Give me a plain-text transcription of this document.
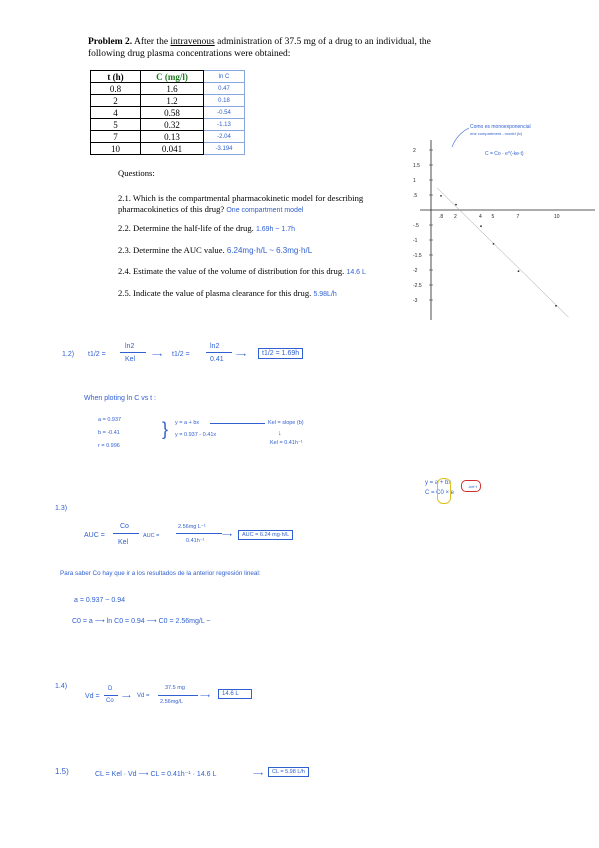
Problem 2. After the intravenous administration of 37.5 mg of a drug to an individual, the following drug plasma concentrations were obtained:
t (h)	C (mg/l)	ln C
0.8	1.6	0.47
2	1.2	0.18
4	0.58	-0.54
5	0.32	-1.13
7	0.13	-2.04
10	0.041	-3.194
Questions:
2.1. Which is the compartmental pharmacokinetic model for describing pharmacokinetics of this drug? One compartment model
2.2. Determine the half-life of the drug. 1.69h ~ 1.7h
2.3. Determine the AUC value. 6.24mg·h/L ~ 6.3mg·h/L
2.4. Estimate the value of the volume of distribution for this drug. 14.6 L
2.5. Indicate the value of plasma clearance for this drug. 5.98L/h
2
1.5
1
.5
-.5
-1
-1.5
-2
-2.5
-3
.8 2	4 5	7	10
Como es monoexponencial
one compartment - model (iv)
C = Co · e^(-ke·t)
1.2) t1/2 =
ln2
Kel
⟶ t1/2 =
ln2
0.41
⟶	t1/2 = 1.69h
When ploting ln C vs t :
a = 0.937
b = -0.41
r = 0.996
} y = a + bx
y = 0.937 - 0.41x
Kel = slope (b)
↓
Kel = 0.41h⁻¹
y = a + bx
C = C0 × e
-kel·t
1.3)
AUC =
Co
Kel
AUC =
2.56mg L⁻¹
0.41h⁻¹
⟶	AUC = 6.24 mg·h/L
Para saber Co hay que ir a los resultados de la anterior regresión lineal:
a = 0.937 ~ 0.94
C0 = a ⟶ ln C0 = 0.94 ⟶ C0 = 2.56mg/L ~
1.4)
Vd =
D
Co
⟶ Vd =
37.5 mg
2.56mg/L
⟶	14.6 L
1.5)	CL = Kel · Vd ⟶ CL = 0.41h⁻¹ · 14.6 L	⟶	CL = 5.98 L/h
